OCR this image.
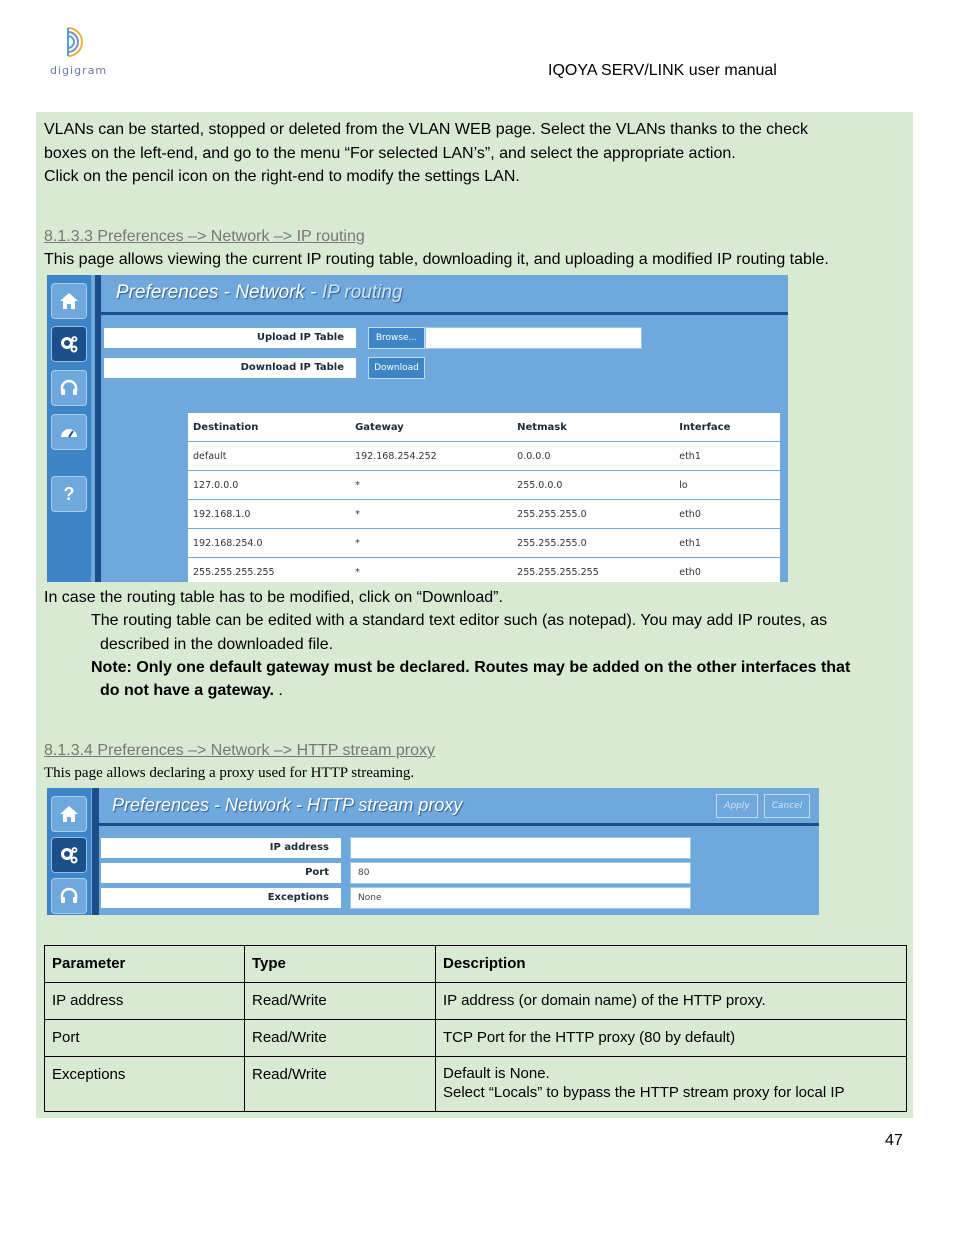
digigram	IQOYA SERV/LINK user manual
VLANs can be started, stopped or deleted from the VLAN WEB page. Select the VLANs thanks to the check
boxes on the left-end, and go to the menu “For selected LAN’s”, and select the appropriate action.
Click on the pencil icon on the right-end to modify the settings LAN.
8.1.3.3 Preferences –> Network –> IP routing
This page allows viewing the current IP routing table, downloading it, and uploading a modified IP routing table.
?
Preferences - Network - IP routing
Upload IP Table	Browse...
Download IP Table	Download
Destination	Gateway	Netmask	Interface
default	192.168.254.252	0.0.0.0	eth1
127.0.0.0	*	255.0.0.0	lo
192.168.1.0	*	255.255.255.0	eth0
192.168.254.0	*	255.255.255.0	eth1
255.255.255.255	*	255.255.255.255	eth0
In case the routing table has to be modified, click on “Download”.
The routing table can be edited with a standard text editor such (as notepad). You may add IP routes, as
described in the downloaded file.
Note: Only one default gateway must be declared. Routes may be added on the other interfaces that
do not have a gateway. .
8.1.3.4 Preferences –> Network –> HTTP stream proxy
This page allows declaring a proxy used for HTTP streaming.
Preferences - Network - HTTP stream proxy	Apply	Cancel
IP address
Port	80
Exceptions	None
Parameter	Type	Description
IP address	Read/Write	IP address (or domain name) of the HTTP proxy.
Port	Read/Write	TCP Port for the HTTP proxy (80 by default)
Exceptions	Read/Write	Default is None.
Select “Locals” to bypass the HTTP stream proxy for local IP
47
